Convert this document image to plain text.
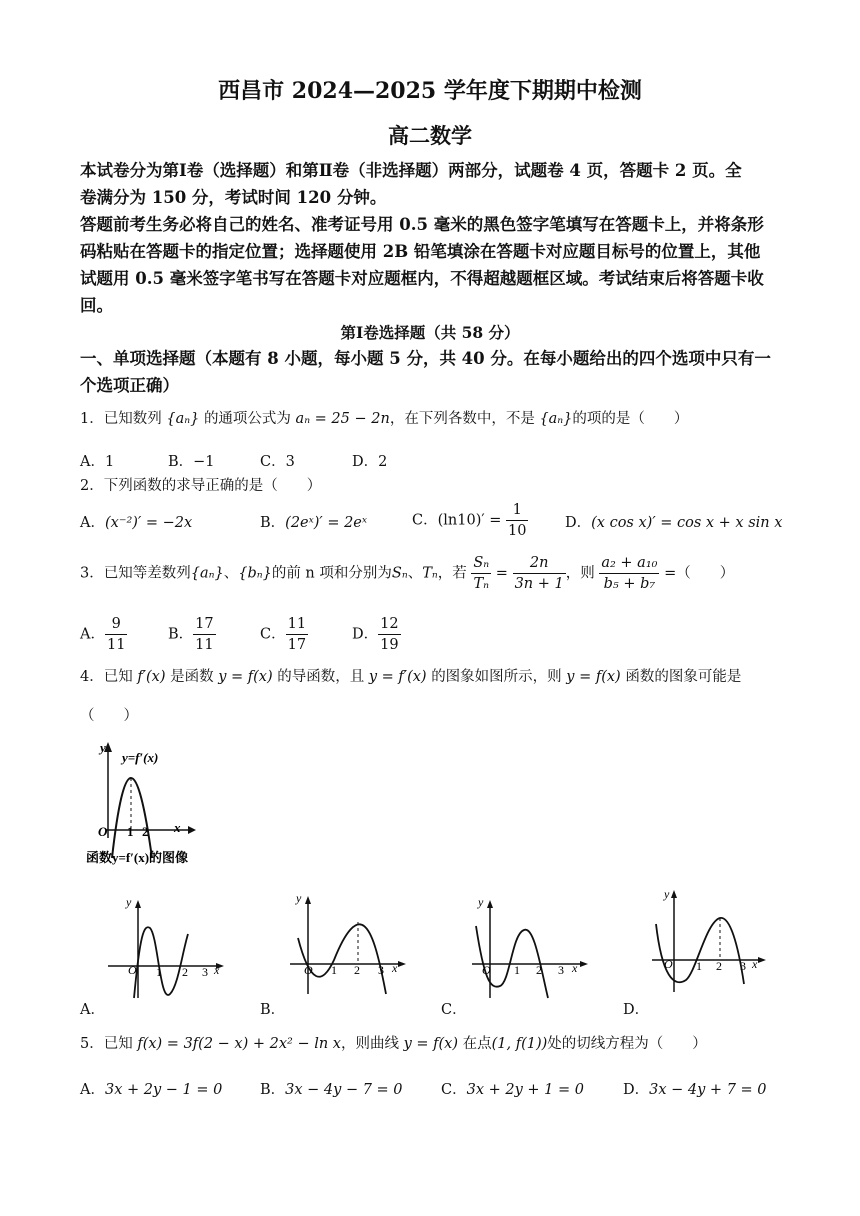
西昌市 2024—2025 学年度下期期中检测
高二数学
本试卷分为第Ⅰ卷（选择题）和第Ⅱ卷（非选择题）两部分，试题卷 4 页，答题卡 2 页。全
卷满分为 150 分，考试时间 120 分钟。
答题前考生务必将自己的姓名、准考证号用 0.5 毫米的黑色签字笔填写在答题卡上，并将条形
码粘贴在答题卡的指定位置；选择题使用 2B 铅笔填涂在答题卡对应题目标号的位置上，其他
试题用 0.5 毫米签字笔书写在答题卡对应题框内，不得超越题框区域。考试结束后将答题卡收
回。
第Ⅰ卷选择题（共 58 分）
一、单项选择题（本题有 8 小题，每小题 5 分，共 40 分。在每小题给出的四个选项中只有一
个选项正确）
1．已知数列 {aₙ} 的通项公式为 aₙ = 25 − 2n，在下列各数中，不是 {aₙ}的项的是（　　）
A．1	B．−1	C．3	D．2
2．下列函数的求导正确的是（　　）
A．(x⁻²)′ = −2x	B．(2eˣ)′ = 2eˣ	C．$(\ln 10)' = \frac{1}{10}$	D．(x cos x)′ = cos x + x sin x
3．已知等差数列{aₙ}、{bₙ}的前 n 项和分别为Sₙ、Tₙ，若 $\frac{\text{Sₙ}}{\text{Tₙ}} = \frac{2n}{3n + 1}$ ，则 $\frac{\text{a₂ + a₁₀}}{\text{b₅ + b₇}}$ =（　　）
A． $\frac{9}{11}$	B． $\frac{17}{11}$	C． $\frac{11}{17}$	D． $\frac{12}{19}$
4．已知 f′(x) 是函数 y = f(x) 的导函数，且 y = f′(x) 的图象如图所示，则 y = f(x) 函数的图象可能是
（　　）
y
y=f′(x)
O 1 2 x
函数y=f′(x)的图像
y
O 1 2 3 x
y
O 1 2 3 x
y
O 1 2 3 x
y
O 1 2 3 x
A．	B．	C．	D．
5．已知 f(x) = 3f(2 − x) + 2x² − ln x，则曲线 y = f(x) 在点(1, f(1))处的切线方程为（　　）
A．3x + 2y − 1 = 0	B．3x − 4y − 7 = 0	C．3x + 2y + 1 = 0	D．3x − 4y + 7 = 0
